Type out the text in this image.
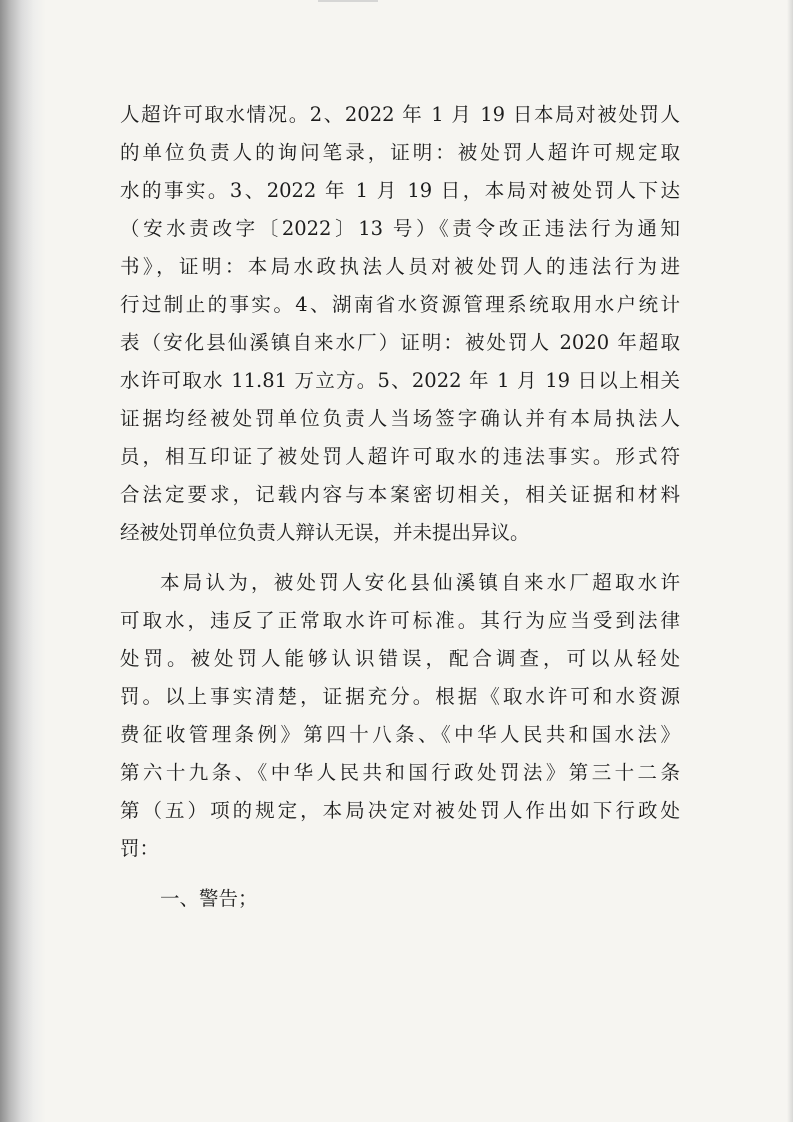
人超许可取水情况。2、2022 年 1 月 19 日本局对被处罚人
的单位负责人的询问笔录，证明：被处罚人超许可规定取
水的事实。3、2022 年 1 月 19 日，本局对被处罚人下达
（安水责改字〔2022〕13 号）《责令改正违法行为通知
书》，证明：本局水政执法人员对被处罚人的违法行为进
行过制止的事实。4、湖南省水资源管理系统取用水户统计
表（安化县仙溪镇自来水厂）证明：被处罚人 2020 年超取
水许可取水 11.81 万立方。5、2022 年 1 月 19 日以上相关
证据均经被处罚单位负责人当场签字确认并有本局执法人
员，相互印证了被处罚人超许可取水的违法事实。形式符
合法定要求，记载内容与本案密切相关，相关证据和材料
经被处罚单位负责人辩认无误，并未提出异议。
本局认为，被处罚人安化县仙溪镇自来水厂超取水许
可取水，违反了正常取水许可标准。其行为应当受到法律
处罚。被处罚人能够认识错误，配合调查，可以从轻处
罚。以上事实清楚，证据充分。根据《取水许可和水资源
费征收管理条例》第四十八条、《中华人民共和国水法》
第六十九条、《中华人民共和国行政处罚法》第三十二条
第（五）项的规定，本局决定对被处罚人作出如下行政处
罚：
一、警告；
